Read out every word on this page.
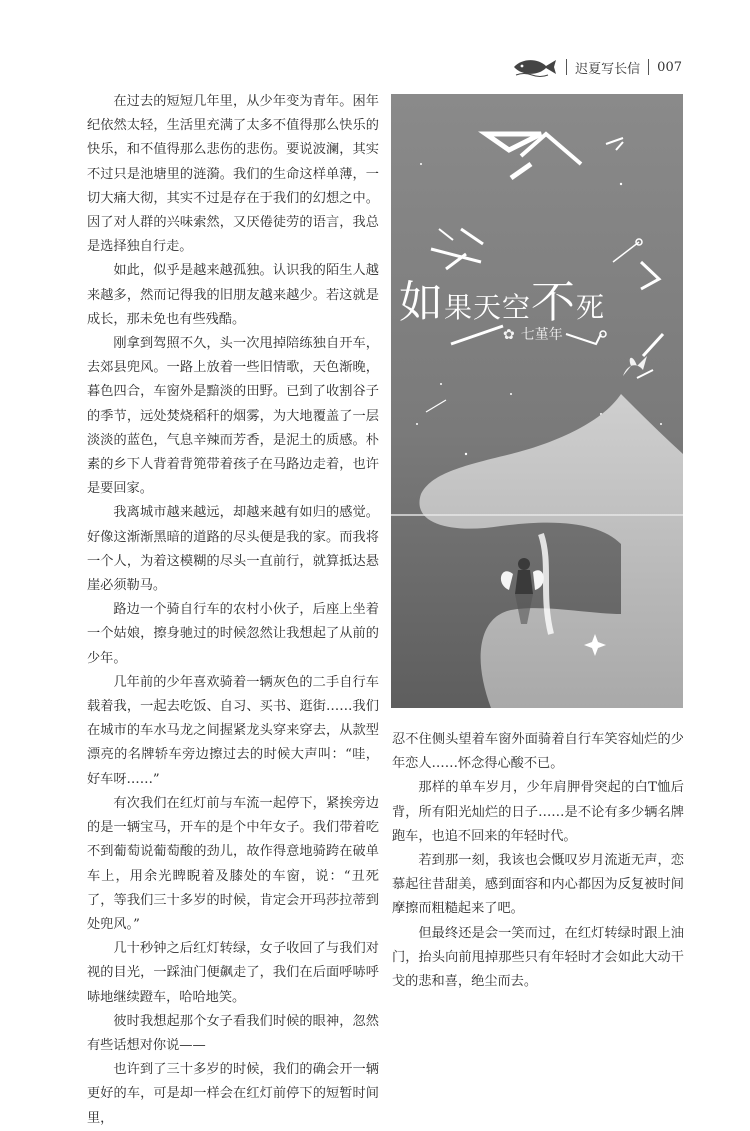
迟夏写长信 007

在过去的短短几年里，从少年变为青年。困年纪依然太轻，生活里充满了太多不值得那么快乐的快乐，和不值得那么悲伤的悲伤。要说波澜，其实不过只是池塘里的涟漪。我们的生命这样单薄，一切大痛大彻，其实不过是存在于我们的幻想之中。因了对人群的兴味索然，又厌倦徒劳的语言，我总是选择独自行走。

如此，似乎是越来越孤独。认识我的陌生人越来越多，然而记得我的旧朋友越来越少。若这就是成长，那未免也有些残酷。

刚拿到驾照不久，头一次甩掉陪练独自开车，去郊县兜风。一路上放着一些旧情歌，天色渐晚，暮色四合，车窗外是黯淡的田野。已到了收割谷子的季节，远处焚烧稻秆的烟雾，为大地覆盖了一层淡淡的蓝色，气息辛辣而芳香，是泥土的质感。朴素的乡下人背着背篼带着孩子在马路边走着，也许是要回家。

我离城市越来越远，却越来越有如归的感觉。好像这渐渐黑暗的道路的尽头便是我的家。而我将一个人，为着这模糊的尽头一直前行，就算抵达悬崖必须勒马。

路边一个骑自行车的农村小伙子，后座上坐着一个姑娘，擦身驰过的时候忽然让我想起了从前的少年。

几年前的少年喜欢骑着一辆灰色的二手自行车载着我，一起去吃饭、自习、买书、逛街……我们在城市的车水马龙之间握紧龙头穿来穿去，从款型漂亮的名牌轿车旁边擦过去的时候大声叫：“哇，好车呀……”

有次我们在红灯前与车流一起停下，紧挨旁边的是一辆宝马，开车的是个中年女子。我们带着吃不到葡萄说葡萄酸的劲儿，故作得意地骑跨在破单车上，用余光睥睨着及膝处的车窗，说：“丑死了，等我们三十多岁的时候，肯定会开玛莎拉蒂到处兜风。”

几十秒钟之后红灯转绿，女子收回了与我们对视的目光，一踩油门便飙走了，我们在后面呼哧呼哧地继续蹬车，哈哈地笑。

彼时我想起那个女子看我们时候的眼神，忽然有些话想对你说——

也许到了三十多岁的时候，我们的确会开一辆更好的车，可是却一样会在红灯前停下的短暂时间里，

如果天空不死
✿ 七堇年

忍不住侧头望着车窗外面骑着自行车笑容灿烂的少年恋人……怀念得心酸不已。

那样的单车岁月，少年肩胛骨突起的白T恤后背，所有阳光灿烂的日子……是不论有多少辆名牌跑车，也追不回来的年轻时代。

若到那一刻，我该也会慨叹岁月流逝无声，恋慕起往昔甜美，感到面容和内心都因为反复被时间摩擦而粗糙起来了吧。

但最终还是会一笑而过，在红灯转绿时跟上油门，抬头向前甩掉那些只有年轻时才会如此大动干戈的悲和喜，绝尘而去。
